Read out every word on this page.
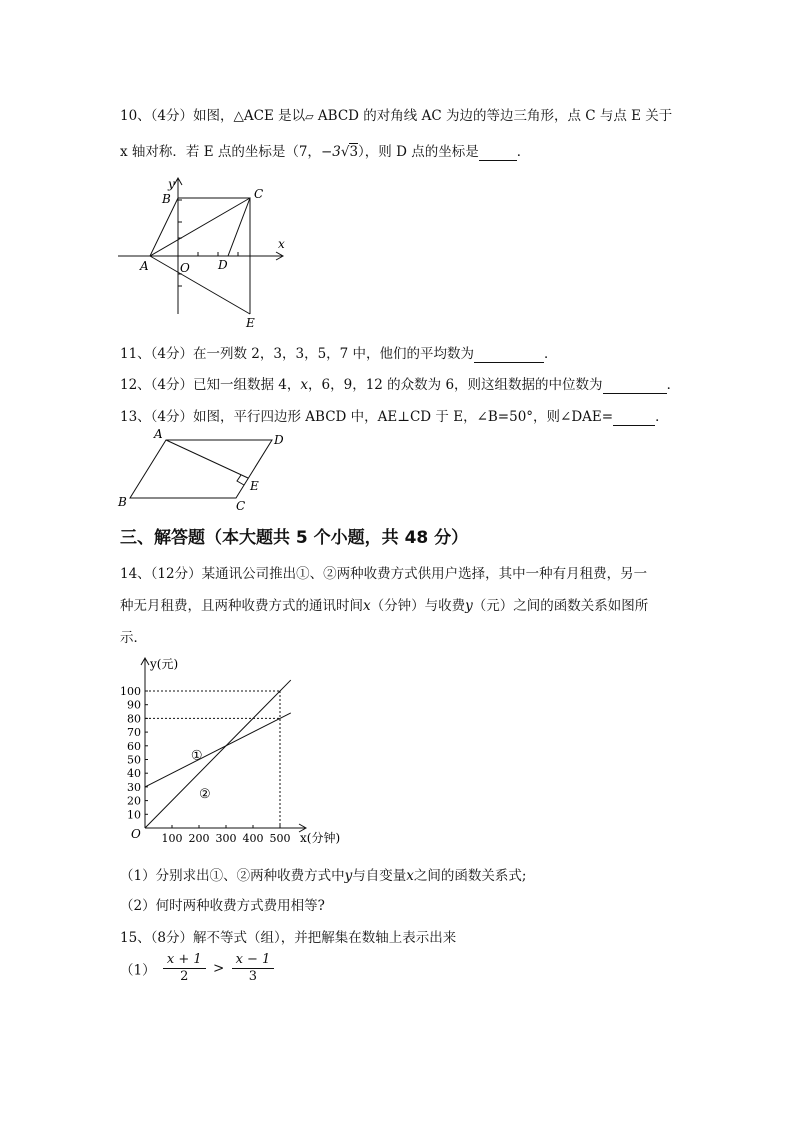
10、（4分）如图，△ACE 是以▱ ABCD 的对角线 AC 为边的等边三角形，点 C 与点 E 关于
x 轴对称．若 E 点的坐标是（7，−3√3），则 D 点的坐标是	．
y
B	C
x
A	O D
E
11、（4分）在一列数 2，3，3，5，7 中，他们的平均数为	．
12、（4分）已知一组数据 4，x，6，9，12 的众数为 6，则这组数据的中位数为	．
13、（4分）如图，平行四边形 ABCD 中，AE⊥CD 于 E，∠B=50°，则∠DAE=	．
A	D
B	C
E
三、解答题（本大题共 5 个小题，共 48 分）
14、（12分）某通讯公司推出①、②两种收费方式供用户选择，其中一种有月租费，另一
种无月租费，且两种收费方式的通讯时间x（分钟）与收费y（元）之间的函数关系如图所
示．
y(元)
x(分钟)
O
10
20
30
40
50
60
70
80
90
100
100 200 300 400 500
①
②
（1）分别求出①、②两种收费方式中y与自变量x之间的函数关系式;
（2）何时两种收费方式费用相等?
15、（8分）解不等式（组），并把解集在数轴上表示出来
$(1) \frac{x + 1}{2} > \frac{x - 1}{3}$
